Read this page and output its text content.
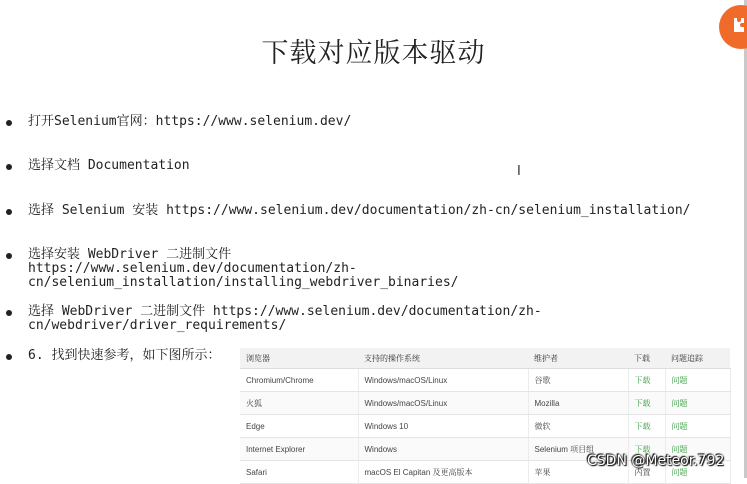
下载对应版本驱动
I
打开Selenium官网：https://www.selenium.dev/
选择文档 Documentation
选择 Selenium 安装 https://www.selenium.dev/documentation/zh-cn/selenium_installation/
选择安装 WebDriver 二进制文件 https://www.selenium.dev/documentation/zh-
cn/selenium_installation/installing_webdriver_binaries/
选择 WebDriver 二进制文件 https://www.selenium.dev/documentation/zh-cn/webdriver/driver_requirements/
6. 找到快速参考，如下图所示：	浏览器	支持的操作系统	维护者	下载	问题追踪
Chromium/Chrome	Windows/macOS/Linux	谷歌	下载	问题
火狐	Windows/macOS/Linux	Mozilla	下载	问题
Edge	Windows 10	微软	下载	问题
Internet Explorer	Windows	Selenium 项目组	下载	问题
Safari	macOS El Capitan 及更高版本	苹果	内置	问题
CSDN @Meteor.792
